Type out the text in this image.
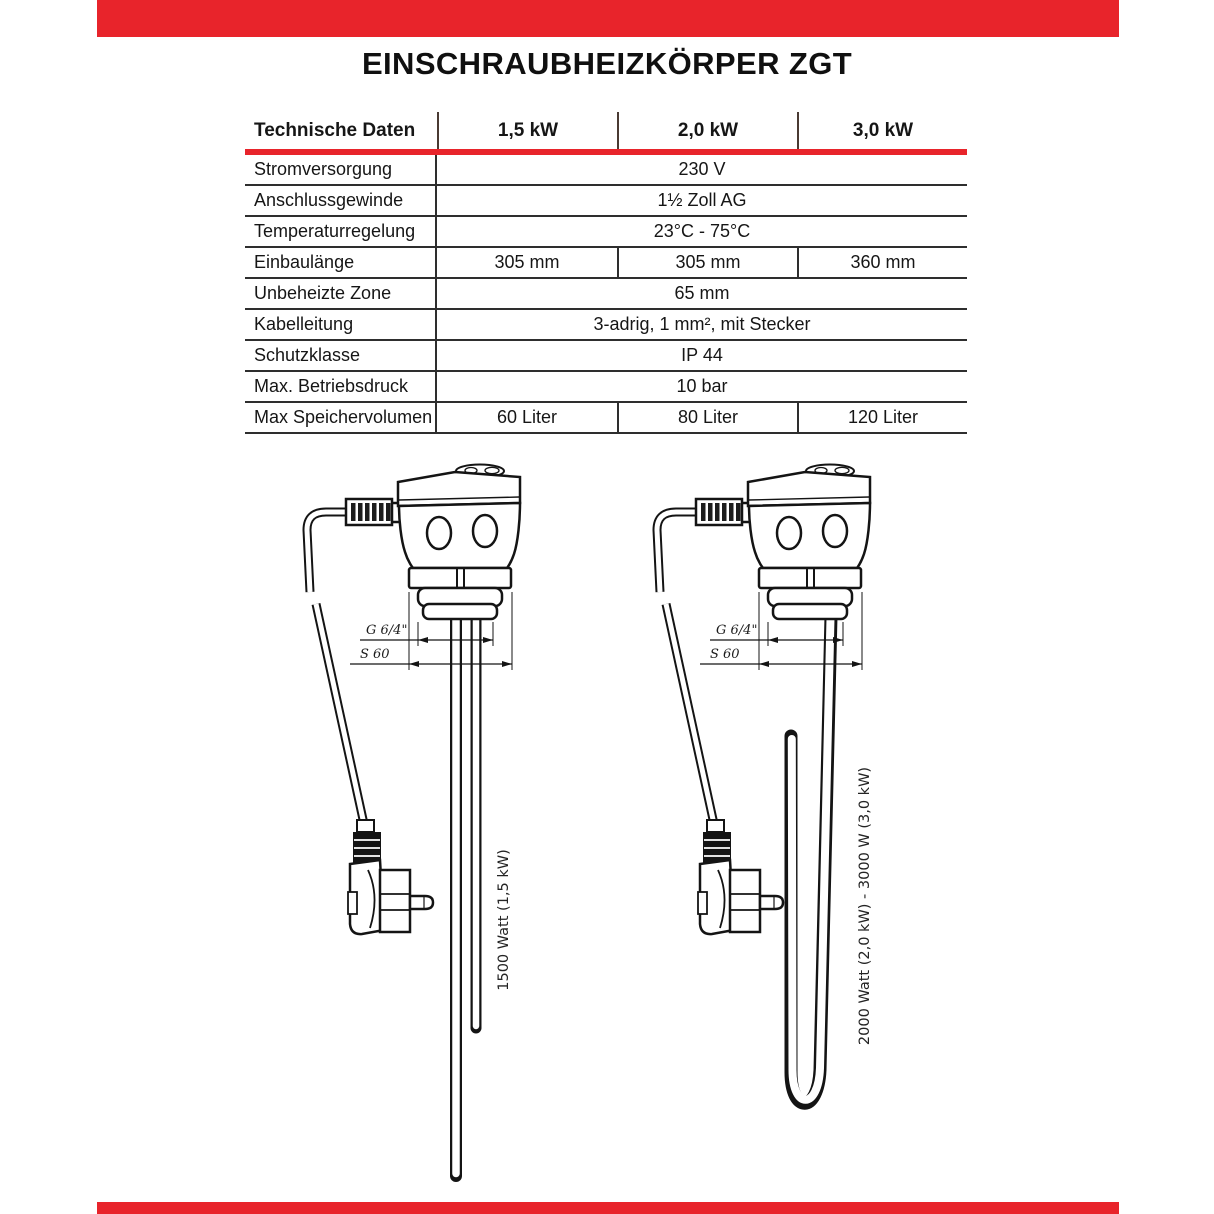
EINSCHRAUBHEIZKÖRPER ZGT
Technische Daten	1,5 kW	2,0 kW	3,0 kW
Stromversorgung	230 V
Anschlussgewinde	1½ Zoll AG
Temperaturregelung	23°C - 75°C
Einbaulänge	305 mm	305 mm	360 mm
Unbeheizte Zone	65 mm
Kabelleitung	3-adrig, 1 mm², mit Stecker
Schutzklasse	IP 44
Max. Betriebsdruck	10 bar
Max Speichervolumen	60 Liter	80 Liter	120 Liter
1500 Watt (1,5 kW)	2000 Watt (2,0 kW) - 3000 W (3,0 kW)
